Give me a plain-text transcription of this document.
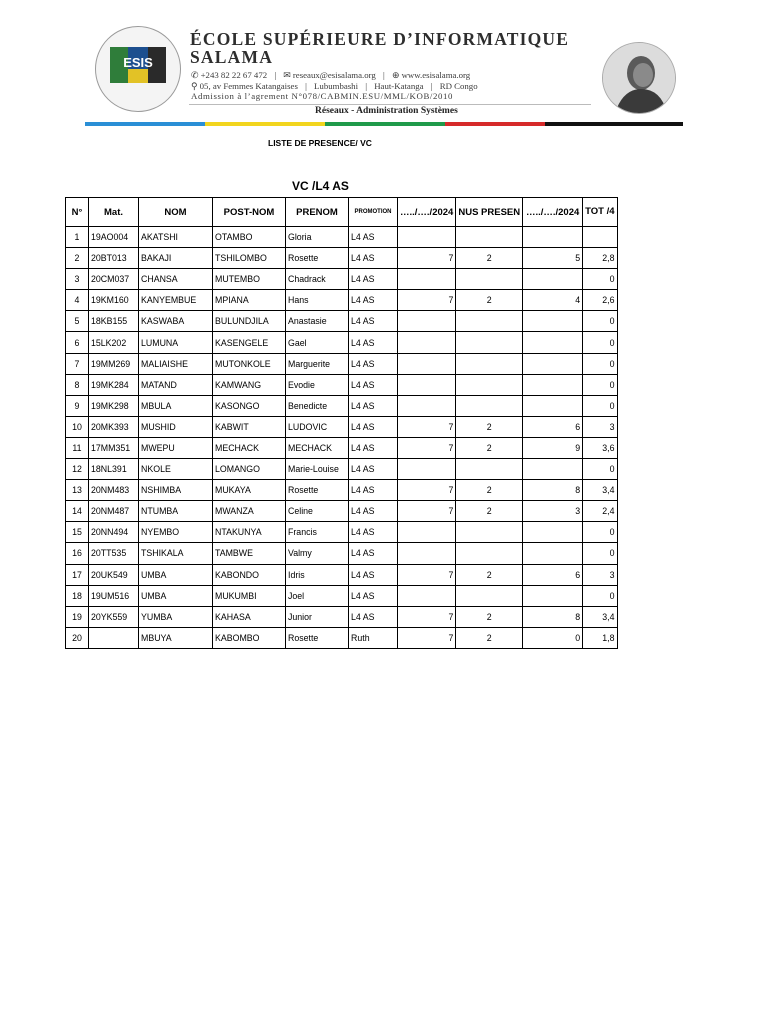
ESIS
ÉCOLE SUPÉRIEURE D’INFORMATIQUE
SALAMA
✆ +243 82 22 67 472 | ✉ reseaux@esisalama.org | ⊕ www.esisalama.org
⚲ 05, av Femmes Katangaises | Lubumbashi | Haut-Katanga | RD Congo
Admission à l’agrement N°078/CABMIN.ESU/MML/KOB/2010
Réseaux - Administration Systèmes
LISTE DE PRESENCE/ VC
VC /L4 AS
N°	Mat.	NOM	POST-NOM	PRENOM	PROMOTION	…../…./2024	NUS PRESEN	…../…./2024	TOT /4
1	19AO004	AKATSHI	OTAMBO	Gloria	L4 AS				
2	20BT013	BAKAJI	TSHILOMBO	Rosette	L4 AS	7	2	5	2,8
3	20CM037	CHANSA	MUTEMBO	Chadrack	L4 AS				0
4	19KM160	KANYEMBUE	MPIANA	Hans	L4 AS	7	2	4	2,6
5	18KB155	KASWABA	BULUNDJILA	Anastasie	L4 AS				0
6	15LK202	LUMUNA	KASENGELE	Gael	L4 AS				0
7	19MM269	MALIAISHE	MUTONKOLE	Marguerite	L4 AS				0
8	19MK284	MATAND	KAMWANG	Evodie	L4 AS				0
9	19MK298	MBULA	KASONGO	Benedicte	L4 AS				0
10	20MK393	MUSHID	KABWIT	LUDOVIC	L4 AS	7	2	6	3
11	17MM351	MWEPU	MECHACK	MECHACK	L4 AS	7	2	9	3,6
12	18NL391	NKOLE	LOMANGO	Marie-Louise	L4 AS				0
13	20NM483	NSHIMBA	MUKAYA	Rosette	L4 AS	7	2	8	3,4
14	20NM487	NTUMBA	MWANZA	Celine	L4 AS	7	2	3	2,4
15	20NN494	NYEMBO	NTAKUNYA	Francis	L4 AS				0
16	20TT535	TSHIKALA	TAMBWE	Valmy	L4 AS				0
17	20UK549	UMBA	KABONDO	Idris	L4 AS	7	2	6	3
18	19UM516	UMBA	MUKUMBI	Joel	L4 AS				0
19	20YK559	YUMBA	KAHASA	Junior	L4 AS	7	2	8	3,4
20		MBUYA	KABOMBO	Rosette	Ruth	7	2	0	1,8
